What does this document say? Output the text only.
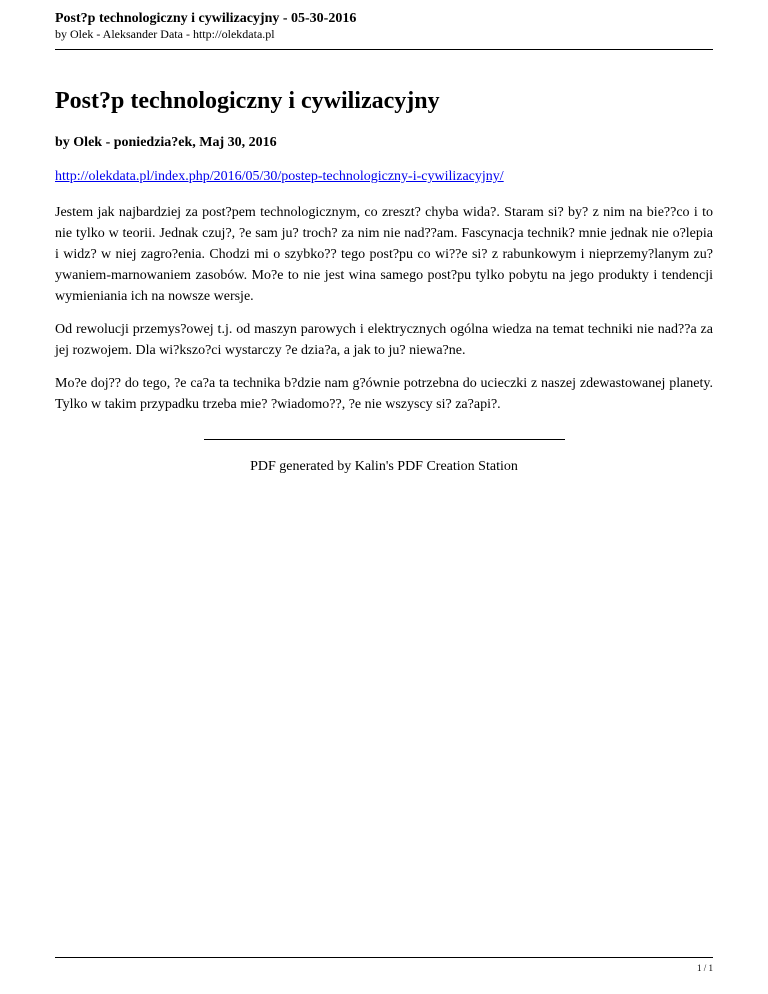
Post?p technologiczny i cywilizacyjny - 05-30-2016

by Olek - Aleksander Data - http://olekdata.pl

Post?p technologiczny i cywilizacyjny

by Olek - poniedzia?ek, Maj 30, 2016

http://olekdata.pl/index.php/2016/05/30/postep-technologiczny-i-cywilizacyjny/

Jestem jak najbardziej za post?pem technologicznym, co zreszt? chyba wida?. Staram si? by? z nim na bie??co i to nie tylko w teorii. Jednak czuj?, ?e sam ju? troch? za nim nie nad??am. Fascynacja technik? mnie jednak nie o?lepia i widz? w niej zagro?enia. Chodzi mi o szybko?? tego post?pu co wi??e si? z rabunkowym i nieprzemy?lanym zu?ywaniem-marnowaniem zasobów. Mo?e to nie jest wina samego post?pu tylko pobytu na jego produkty i tendencji wymieniania ich na nowsze wersje.

Od rewolucji przemys?owej t.j. od maszyn parowych i elektrycznych ogólna wiedza na temat techniki nie nad??a za jej rozwojem. Dla wi?kszo?ci wystarczy ?e dzia?a, a jak to ju? niewa?ne.

Mo?e doj?? do tego, ?e ca?a ta technika b?dzie nam g?ównie potrzebna do ucieczki z naszej zdewastowanej planety. Tylko w takim przypadku trzeba mie? ?wiadomo??, ?e nie wszyscy si? za?api?.

PDF generated by Kalin's PDF Creation Station

1 / 1
